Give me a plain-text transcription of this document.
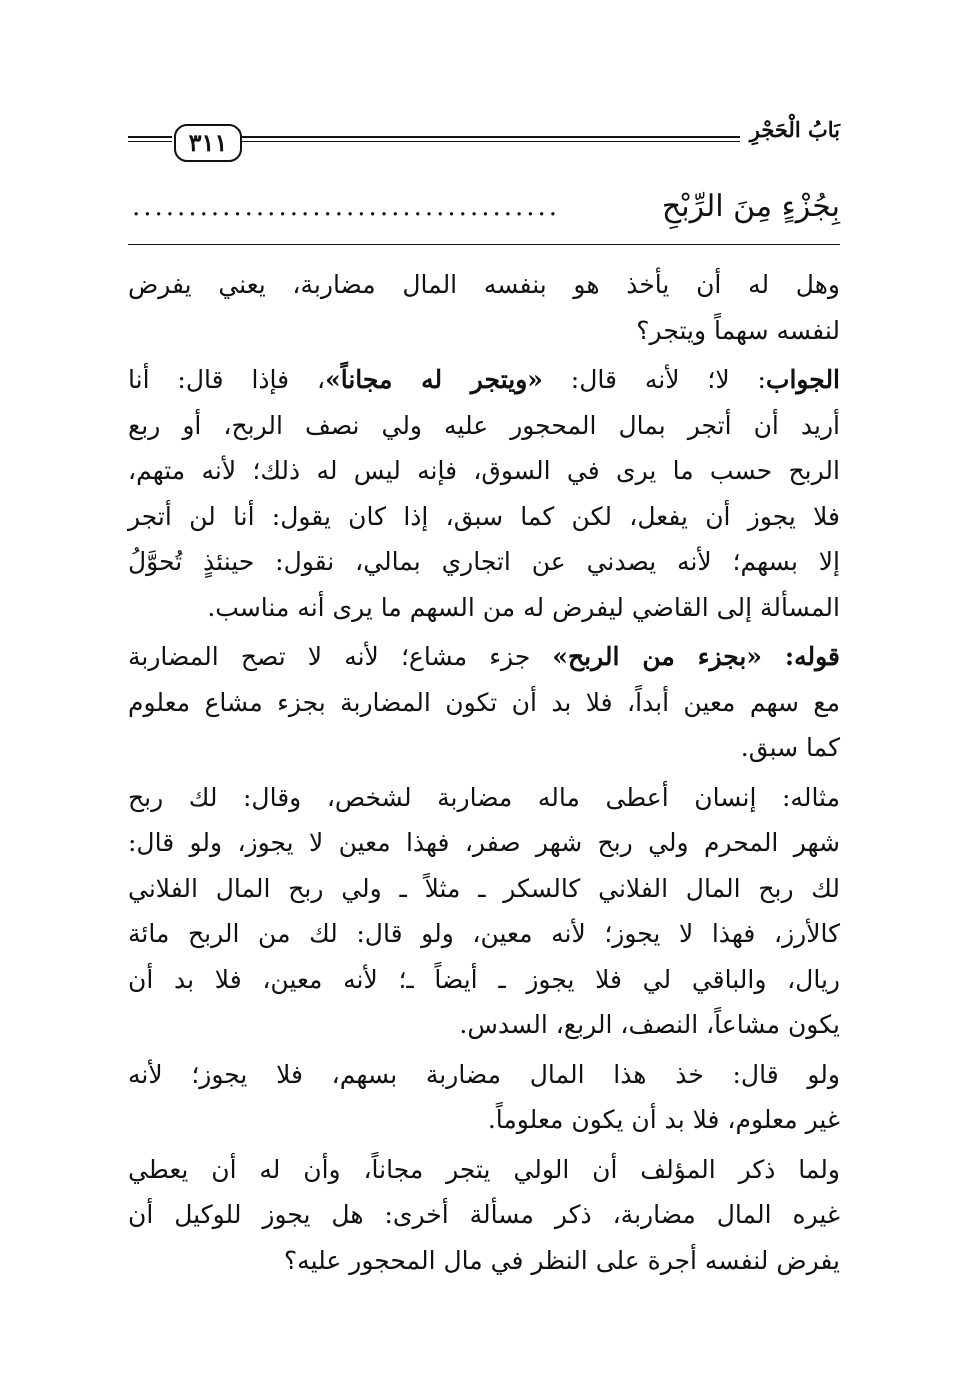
بَابُ الْحَجْرِ
٣١١
بِجُزْءٍ مِنَ الرِّبْحِ
......................................
وهل له أن يأخذ هو بنفسه المال مضاربة، يعني يفرض
لنفسه سهماً ويتجر؟
الجواب: لا؛ لأنه قال: «ويتجر له مجاناً»، فإذا قال: أنا
أريد أن أتجر بمال المحجور عليه ولي نصف الربح، أو ربع
الربح حسب ما يرى في السوق، فإنه ليس له ذلك؛ لأنه متهم،
فلا يجوز أن يفعل، لكن كما سبق، إذا كان يقول: أنا لن أتجر
إلا بسهم؛ لأنه يصدني عن اتجاري بمالي، نقول: حينئذٍ تُحوَّلُ
المسألة إلى القاضي ليفرض له من السهم ما يرى أنه مناسب.
قوله: «بجزء من الربح» جزء مشاع؛ لأنه لا تصح المضاربة
مع سهم معين أبداً، فلا بد أن تكون المضاربة بجزء مشاع معلوم
كما سبق.
مثاله: إنسان أعطى ماله مضاربة لشخص، وقال: لك ربح
شهر المحرم ولي ربح شهر صفر، فهذا معين لا يجوز، ولو قال:
لك ربح المال الفلاني كالسكر ـ مثلاً ـ ولي ربح المال الفلاني
كالأرز، فهذا لا يجوز؛ لأنه معين، ولو قال: لك من الربح مائة
ريال، والباقي لي فلا يجوز ـ أيضاً ـ؛ لأنه معين، فلا بد أن
يكون مشاعاً، النصف، الربع، السدس.
ولو قال: خذ هذا المال مضاربة بسهم، فلا يجوز؛ لأنه
غير معلوم، فلا بد أن يكون معلوماً.
ولما ذكر المؤلف أن الولي يتجر مجاناً، وأن له أن يعطي
غيره المال مضاربة، ذكر مسألة أخرى: هل يجوز للوكيل أن
يفرض لنفسه أجرة على النظر في مال المحجور عليه؟
